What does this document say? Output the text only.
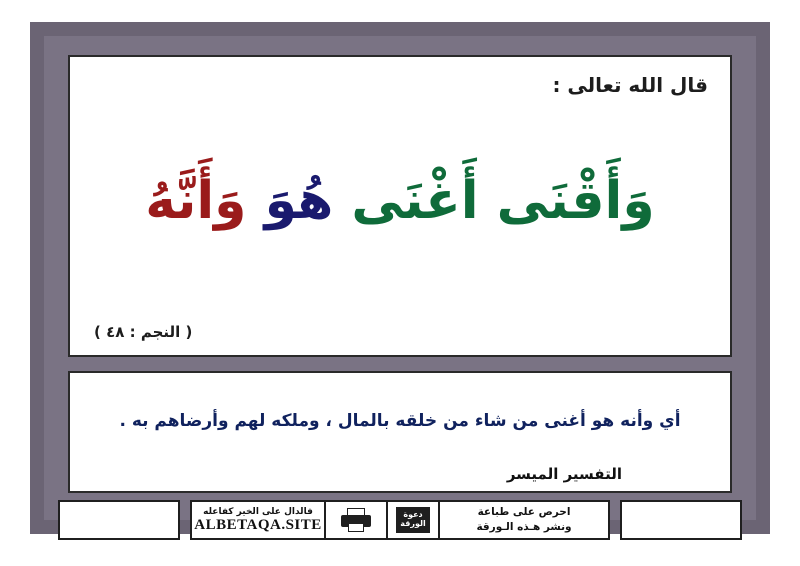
قال الله تعالى :
وَأَقْنَى أَغْنَى هُوَ وَأَنَّهُ
( النجم : ٤٨ )
أي وأنه هو أغنى من شاء من خلقه بالمال ، وملكه لهم وأرضاهم به .
التفسير الميسر
احرص على طباعة
ونشر هـذه الـورقة
دعوة
الورقة
فالدال على الخير كفاعله
ALBETAQA.SITE
